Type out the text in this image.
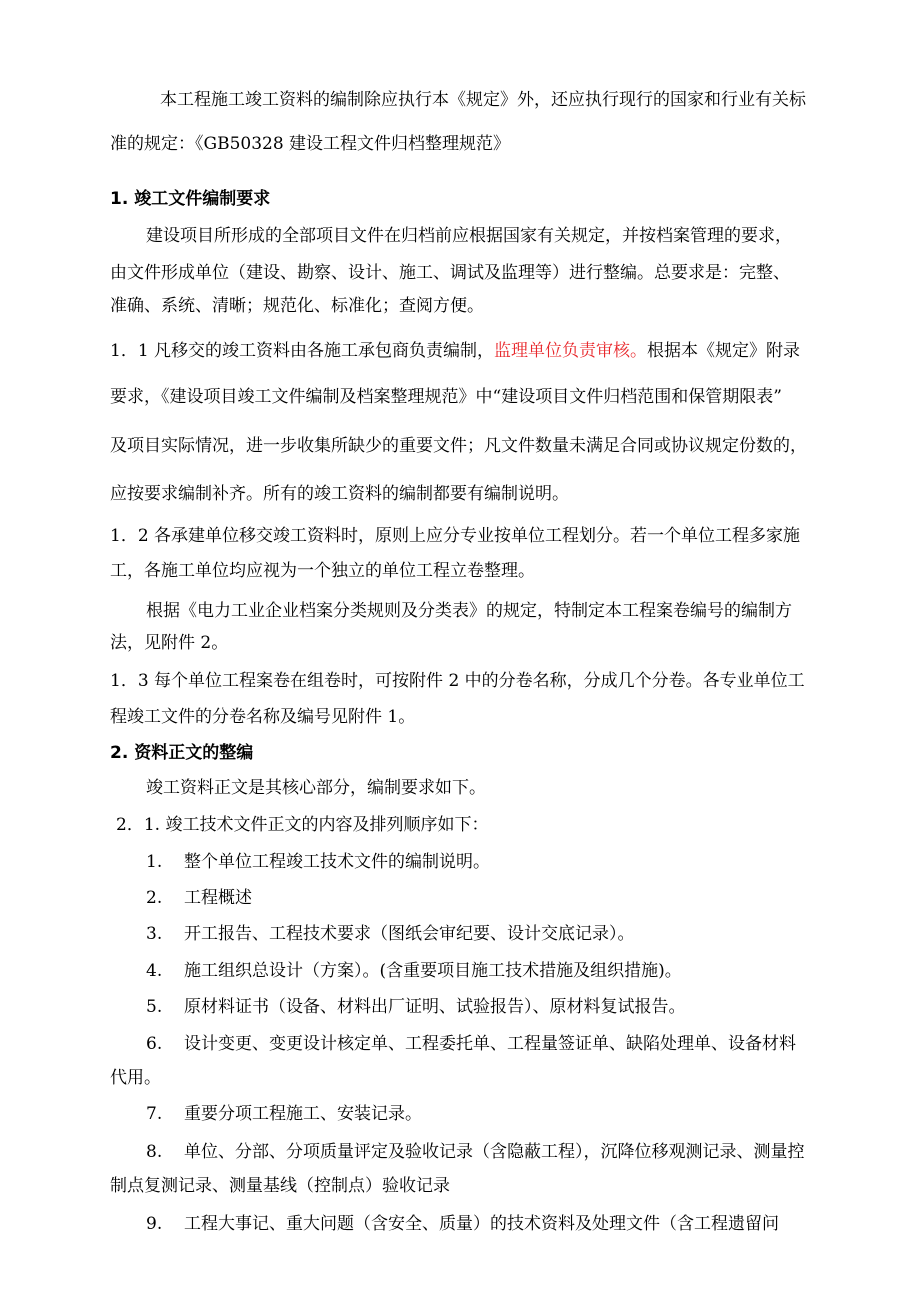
本工程施工竣工资料的编制除应执行本《规定》外，还应执行现行的国家和行业有关标

准的规定：《GB50328 建设工程文件归档整理规范》

1. 竣工文件编制要求

建设项目所形成的全部项目文件在归档前应根据国家有关规定，并按档案管理的要求，

由文件形成单位（建设、勘察、设计、施工、调试及监理等）进行整编。总要求是：完整、

准确、系统、清晰；规范化、标准化；查阅方便。

1．1 凡移交的竣工资料由各施工承包商负责编制，监理单位负责审核。根据本《规定》附录

要求，《建设项目竣工文件编制及档案整理规范》中“建设项目文件归档范围和保管期限表”

及项目实际情况，进一步收集所缺少的重要文件；凡文件数量未满足合同或协议规定份数的，

应按要求编制补齐。所有的竣工资料的编制都要有编制说明。

1．2 各承建单位移交竣工资料时，原则上应分专业按单位工程划分。若一个单位工程多家施

工，各施工单位均应视为一个独立的单位工程立卷整理。

根据《电力工业企业档案分类规则及分类表》的规定，特制定本工程案卷编号的编制方

法，见附件 2。

1．3 每个单位工程案卷在组卷时，可按附件 2 中的分卷名称，分成几个分卷。各专业单位工

程竣工文件的分卷名称及编号见附件 1。

2. 资料正文的整编

竣工资料正文是其核心部分，编制要求如下。

2．1. 竣工技术文件正文的内容及排列顺序如下：

1. 整个单位工程竣工技术文件的编制说明。

2. 工程概述

3. 开工报告、工程技术要求（图纸会审纪要、设计交底记录）。

4. 施工组织总设计（方案）。(含重要项目施工技术措施及组织措施)。

5. 原材料证书（设备、材料出厂证明、试验报告）、原材料复试报告。

6. 设计变更、变更设计核定单、工程委托单、工程量签证单、缺陷处理单、设备材料

代用。

7. 重要分项工程施工、安装记录。

8. 单位、分部、分项质量评定及验收记录（含隐蔽工程），沉降位移观测记录、测量控

制点复测记录、测量基线（控制点）验收记录

9. 工程大事记、重大问题（含安全、质量）的技术资料及处理文件（含工程遗留问
